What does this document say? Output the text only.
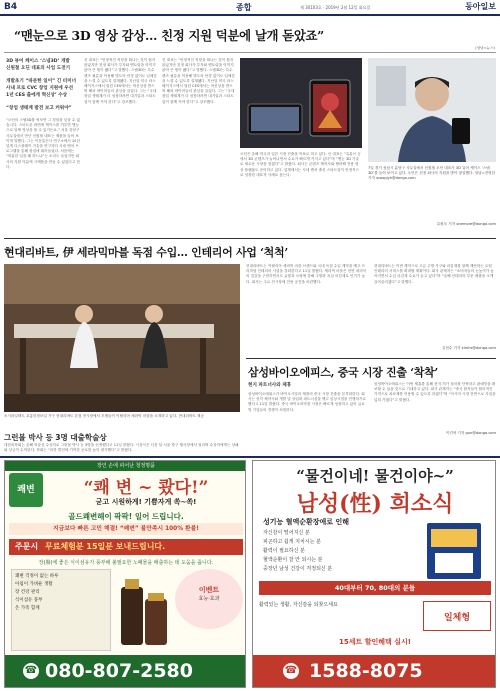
B4	종합	제 30103호 · 2019년 2월 12일 화요일	동아일보
“맨눈으로 3D 영상 감상… 친정 지원 덕분에 날개 돋았죠”
(성남=뉴스)
3D 뷰어 케이스 ‘스냅3D’ 개발
신원철 오딘 대표의 사업 도전기
개발초기 “따분한 일이” 긴 터미너
사내 프로 CVC 창업 지원에 우선
1년 CES 출에게 혁신상’ 수상
“창업 생태계 발전 보고 커워야”
“오딘의 스냅3D를 써보면 그 경험을 잊을 수 없습니다. 스마트폰 화면에 케이스를 끼우면 맨눈으로 입체 영상을 볼 수 있거든요.” 서울 강남구 사무실에서 만난 신원철 대표는 제품을 들어 보이며 말했다. 그는 이동통신사 연구소에서 10년 넘게 디스플레이 기술을 연구하다 사내 벤처 프로그램을 통해 창업에 뛰어들었다. 처음에는 “따분한 일을 왜 하느냐”는 소리도 들었지만 회사의 지원 덕분에 시제품을 만들 수 있었다고 한다.
신 대표는 “안정적인 직장을 떠나는 것이 쉽지 않았지만 친정 회사가 투자와 멘토링을 아끼지 않아 큰 힘이 됐다”고 말했다. 스냅3D는 특수 렌즈 필름을 이용해 별도의 안경 없이도 입체감을 느낄 수 있도록 설계됐다. 지난달 미국 라스베이거스에서 열린 CES에서는 혁신상을 받으며 해외 바이어들의 관심을 끌었다. 그는 “국내 창업 생태계가 더 성장하려면 대기업과 스타트업이 함께 커야 한다”고 강조했다.
신 대표는 “안정적인 직장을 떠나는 것이 쉽지 않았지만 친정 회사가 투자와 멘토링을 아끼지 않아 큰 힘이 됐다”고 말했다. 스냅3D는 특수 렌즈 필름을 이용해 별도의 안경 없이도 입체감을 느낄 수 있도록 설계됐다. 지난달 미국 라스베이거스에서 열린 CES에서는 혁신상을 받으며 해외 바이어들의 관심을 끌었다. 그는 “국내 창업 생태계가 더 성장하려면 대기업과 스타트업이 함께 커야 한다”고 강조했다.
오딘은 올해 미국과 일본 시장 진출을 목표로 하고 있다. 신 대표는 “유튜브 등에서 3D 콘텐츠가 늘어나면서 수요가 빠르게 커지고 있다”며 “맨눈 3D 기술로 새로운 시장을 열겠다”고 밝혔다. 회사는 콘텐츠 제작사와 협력해 전용 영상 플랫폼도 준비하고 있다. 업계에서는 사내 벤처 출신 스타트업이 안정적으로 성장한 대표적 사례로 꼽는다.
7일 경기 성남시 분당구 사무실에서 신원철 오딘 대표가 3D 뷰어 케이스 ‘스냅3D’를 들어 보이고 있다. 오딘은 친정 회사의 지원을 받아 창업했다. 성남=전영한 기자 scoopjyh@donga.com
유원모 기자 onemore@donga.com
현대리바트, 伊 세라믹마블 독점 수입… 인테리어 사업 ‘척척’
소시라일렉트 호롱한정보입 가구 현대리바트 본점 전시장에서 모델들이 이탈리아 세라믹 마블을 소개하고 있다. 현대리바트 제공
현대리바트는 이탈리아 세라믹 마블 브랜드와 국내 독점 수입 계약을 맺고 프리미엄 인테리어 사업을 강화한다고 11일 밝혔다. 세라믹 마블은 천연 대리석의 질감을 구현하면서도 긁힘과 오염에 강해 주방과 욕실 마감재로 인기가 높다. 회사는 주요 전시장에 전용 공간을 마련했다.
현대리바트는 이번 계약으로 고급 주방 가구와 마감재를 함께 제안하는 토털 인테리어 서비스를 확대할 계획이다. 회사 관계자는 “소비자들의 눈높이가 높아지면서 수입 마감재 수요가 늘고 있다”며 “올해 인테리어 부문 매출을 크게 끌어올리겠다”고 말했다.
김현수 기자 kimhs@donga.com
삼성바이오에피스, 중국 시장 진출 ‘착착’
현지 파트너사와 제휴
삼성바이오에피스가 바이오시밀러 제품의 중국 시장 진출을 본격화한다. 회사는 현지 제약사와 개발 및 상업화 파트너십을 맺고 임상시험을 진행하기로 했다고 11일 밝혔다. 중국 바이오의약품 시장은 빠르게 성장하고 있어 글로벌 기업들의 경쟁이 치열하다.
삼성바이오에피스는 이번 제휴를 통해 현지 허가 절차를 단축하고 판매망을 확보할 수 있을 것으로 기대하고 있다. 회사 관계자는 “중국 환자들이 합리적인 가격으로 치료제를 이용할 수 있도록 하겠다”며 “아시아 시장 전반으로 사업을 넓혀 가겠다”고 밝혔다.
이건혁 기자 gun@donga.com
그런볼 박사 등 3명 대출학술상
대한의학회는 올해 학술상 수상자로 그런볼 박사 등 3명을 선정했다고 11일 밝혔다. 시상식은 다음 달 서울 중구 행사장에서 열리며 수상자에게는 상패와 상금이 수여된다. 학회는 “의학 발전에 기여한 공로를 높이 평가했다”고 밝혔다.
장인 손에 피어난 청정명품
쾌변	“쾌 변 ~ 쾄다!”
굳고 시원하게! 기쁨자게 쏙~쏙!
골드쾌변해이 팍팍! 일어 드립니다.
지금보다 빠른 고민 해결! “쾌변” 불만족시 100% 환불!
주문시 무료체험분 15일분 보내드립니다.
장(腸)에 좋은 식이섬유가 풍부해 불필요한 노폐물을 배출하는 데 도움을 줍니다.
쾌변 걱정이 없는 하루
아침이 가벼운 생활
장 건강 관리
식이섬유 풍부
온 가족 함께
이벤트
효능·효과
☎ 080-807-2580
“물건이네! 물건이야~”
남성(性) 희소식
성기능 혈액순환장애로 인해
자신감이 떨어지신 분
피곤하고 쉽게 지치시는 분
활력이 필요하신 분
혈액순환이 잘 안 되시는 분
중장년 남성 건강이 걱정되신 분
40대부터 70, 80대의 분들
활력있는 생활, 자신감을 되찾으세요
일체형
15세트 할인혜택 실시!
☎ 1588-8075
